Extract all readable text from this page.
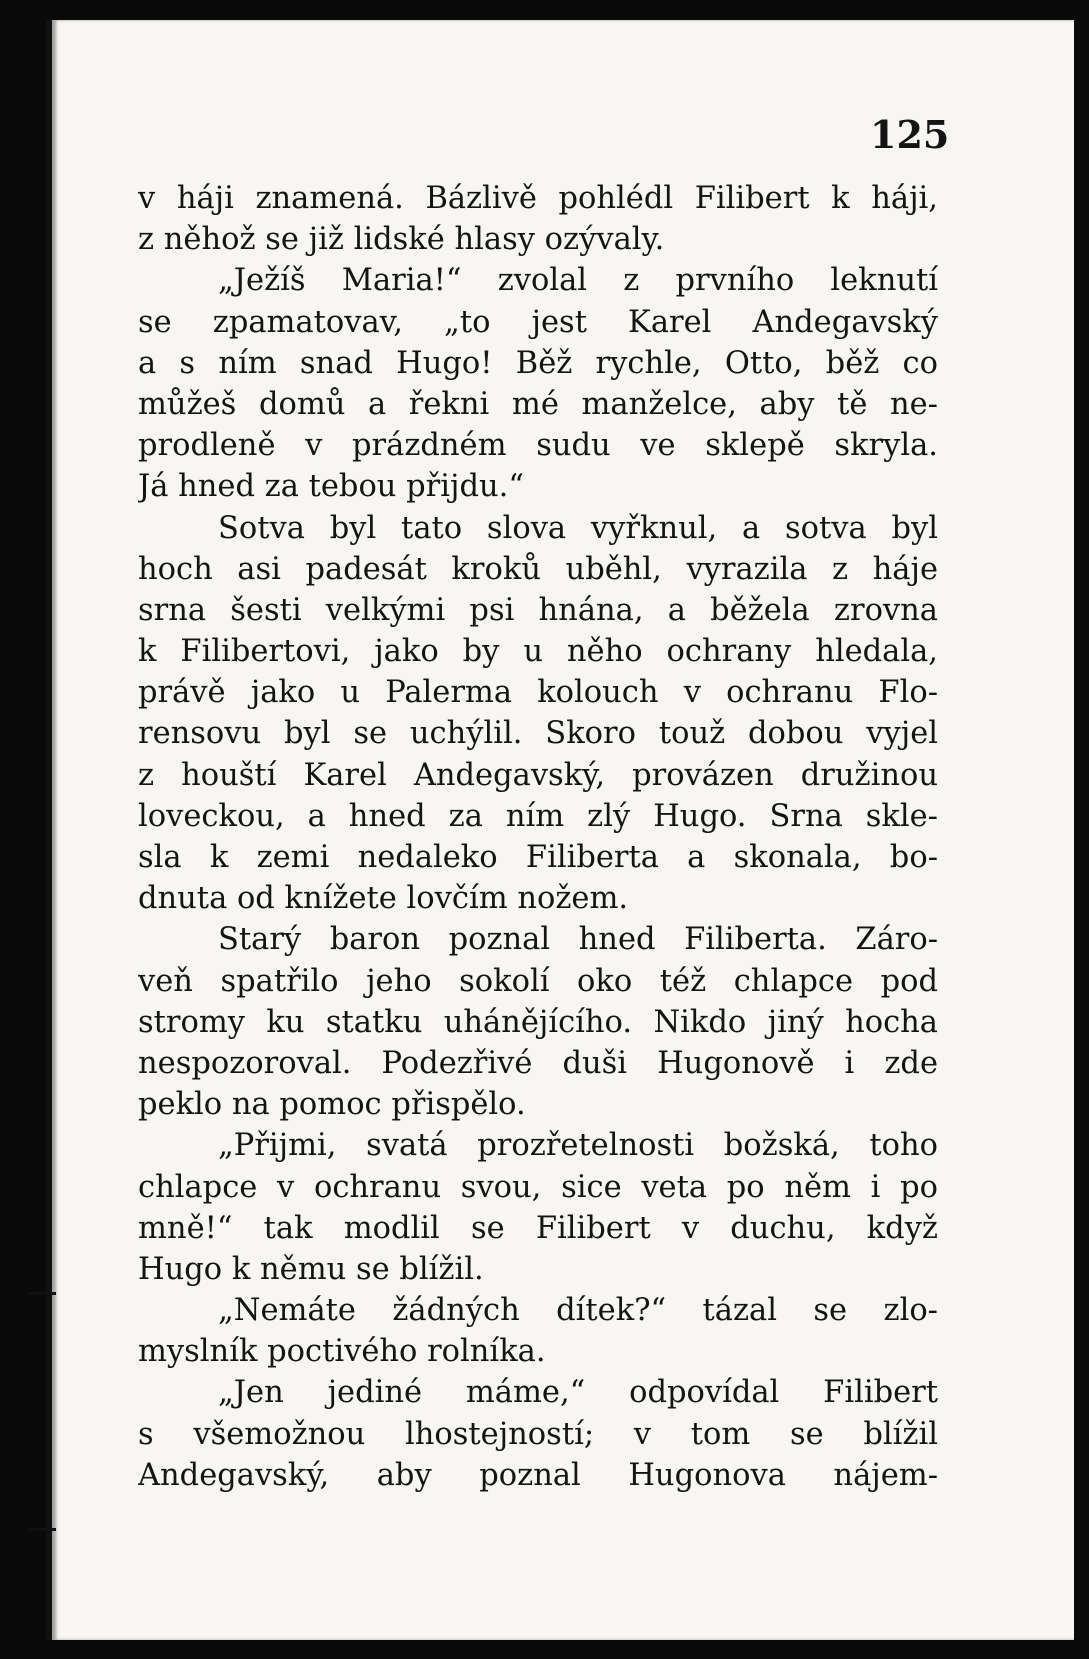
125
v háji znamená. Bázlivě pohlédl Filibert k háji,
z něhož se již lidské hlasy ozývaly.
„Ježíš Maria!“ zvolal z prvního leknutí
se zpamatovav, „to jest Karel Andegavský
a s ním snad Hugo! Běž rychle, Otto, běž co
můžeš domů a řekni mé manželce, aby tě ne-
prodleně v prázdném sudu ve sklepě skryla.
Já hned za tebou přijdu.“
Sotva byl tato slova vyřknul, a sotva byl
hoch asi padesát kroků uběhl, vyrazila z háje
srna šesti velkými psi hnána, a běžela zrovna
k Filibertovi, jako by u něho ochrany hledala,
právě jako u Palerma kolouch v ochranu Flo-
rensovu byl se uchýlil. Skoro touž dobou vyjel
z houští Karel Andegavský, provázen družinou
loveckou, a hned za ním zlý Hugo. Srna skle-
sla k zemi nedaleko Filiberta a skonala, bo-
dnuta od knížete lovčím nožem.
Starý baron poznal hned Filiberta. Záro-
veň spatřilo jeho sokolí oko též chlapce pod
stromy ku statku uhánějícího. Nikdo jiný hocha
nespozoroval. Podezřivé duši Hugonově i zde
peklo na pomoc přispělo.
„Přijmi, svatá prozřetelnosti božská, toho
chlapce v ochranu svou, sice veta po něm i po
mně!“ tak modlil se Filibert v duchu, když
Hugo k němu se blížil.
„Nemáte žádných dítek?“ tázal se zlo-
myslník poctivého rolníka.
„Jen jediné máme,“ odpovídal Filibert
s všemožnou lhostejností; v tom se blížil
Andegavský, aby poznal Hugonova nájem-
